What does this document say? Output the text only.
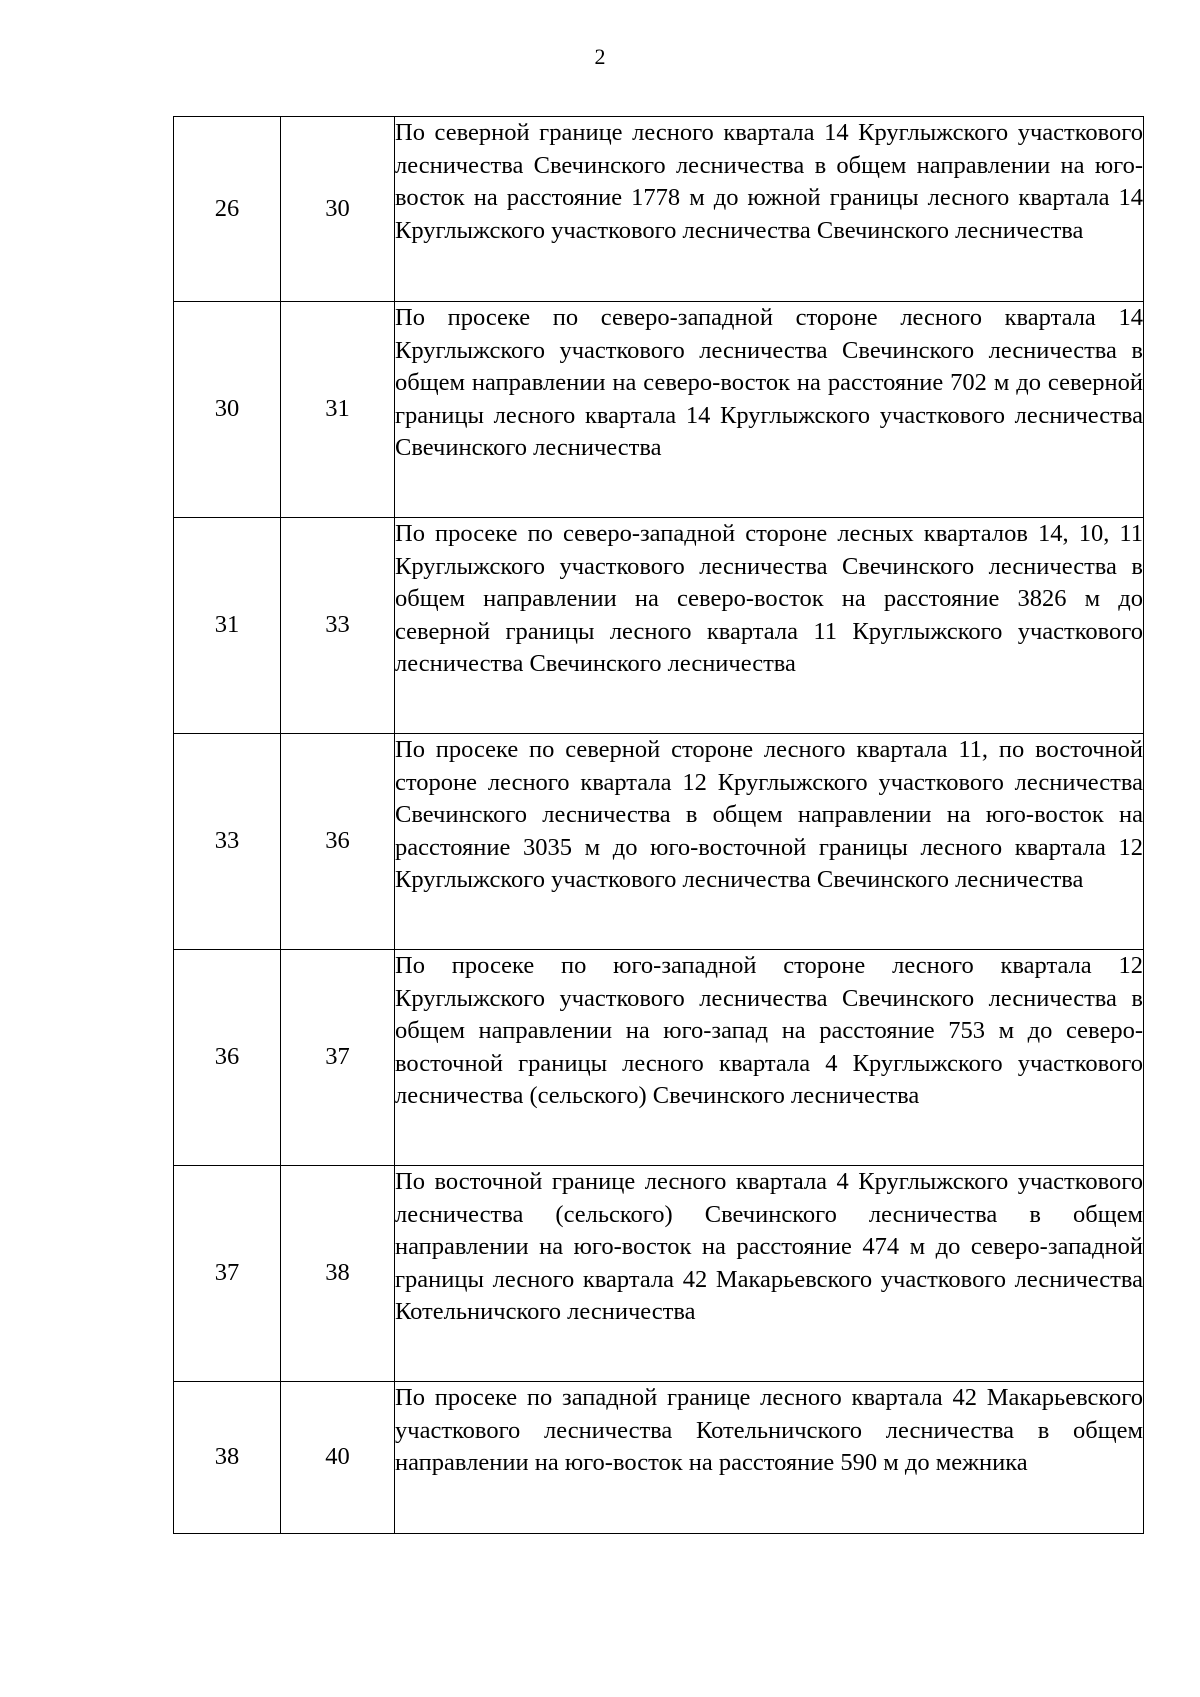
2
26	30	По северной границе лесного квартала 14 Круглыжского участкового лесничества Свечинского лесничества в общем направлении на юго-восток на расстояние 1778 м до южной границы лесного квартала 14 Круглыжского участкового лесничества Свечинского лесничества
30	31	По просеке по северо-западной стороне лесного квартала 14 Круглыжского участкового лесничества Свечинского лесничества в общем направлении на северо-восток на расстояние 702 м до северной границы лесного квартала 14 Круглыжского участкового лесничества Свечинского лесничества
31	33	По просеке по северо-западной стороне лесных кварталов 14, 10, 11 Круглыжского участкового лесничества Свечинского лесничества в общем направлении на северо-восток на расстояние 3826 м до северной границы лесного квартала 11 Круглыжского участкового лесничества Свечинского лесничества
33	36	По просеке по северной стороне лесного квартала 11, по восточной стороне лесного квартала 12 Круглыжского участкового лесничества Свечинского лесничества в общем направлении на юго-восток на расстояние 3035 м до юго-восточной границы лесного квартала 12 Круглыжского участкового лесничества Свечинского лесничества
36	37	По просеке по юго-западной стороне лесного квартала 12 Круглыжского участкового лесничества Свечинского лесничества в общем направлении на юго-запад на расстояние 753 м до северо-восточной границы лесного квартала 4 Круглыжского участкового лесничества (сельского) Свечинского лесничества
37	38	По восточной границе лесного квартала 4 Круглыжского участкового лесничества (сельского) Свечинского лесничества в общем направлении на юго-восток на расстояние 474 м до северо-западной границы лесного квартала 42 Макарьевского участкового лесничества Котельничского лесничества
38	40	По просеке по западной границе лесного квартала 42 Макарьевского участкового лесничества Котельничского лесничества в общем направлении на юго-восток на расстояние 590 м до межника
